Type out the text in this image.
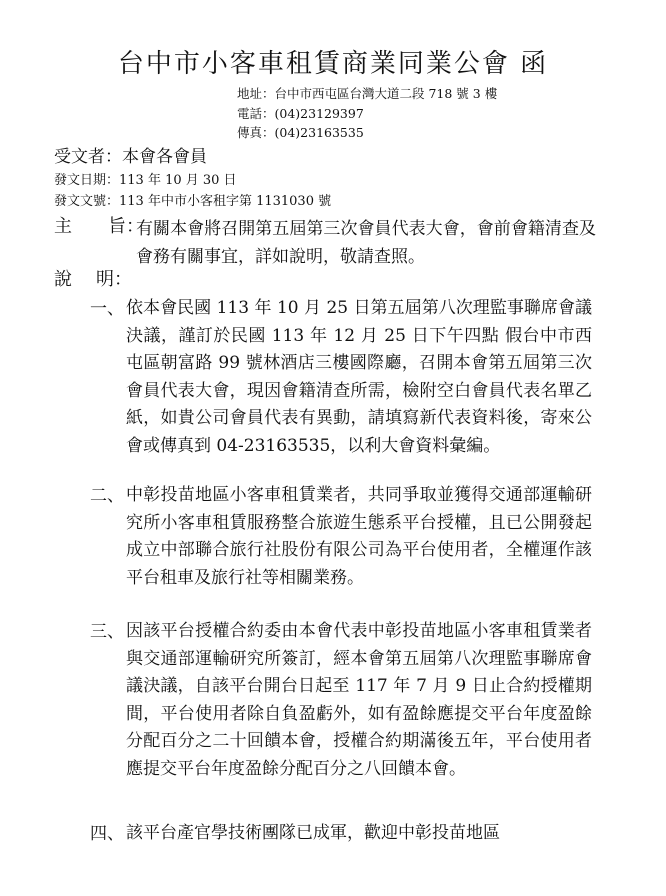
台中市小客車租賃商業同業公會 函
地址：台中市西屯區台灣大道二段 718 號 3 樓
電話：(04)23129397
傳真：(04)23163535
受文者：本會各會員
發文日期：113 年 10 月 30 日
發文文號：113 年中市小客租字第 1131030 號
主 旨：
有關本會將召開第五屆第三次會員代表大會，會前會籍清查及會務有關事宜，詳如說明，敬請查照。
說 明：
一、 依本會民國 113 年 10 月 25 日第五屆第八次理監事聯席會議決議，謹訂於民國 113 年 12 月 25 日下午四點 假台中市西屯區朝富路 99 號林酒店三樓國際廳，召開本會第五屆第三次會員代表大會，現因會籍清查所需，檢附空白會員代表名單乙紙，如貴公司會員代表有異動，請填寫新代表資料後，寄來公會或傳真到 04-23163535，以利大會資料彙編。
二、 中彰投苗地區小客車租賃業者，共同爭取並獲得交通部運輸研究所小客車租賃服務整合旅遊生態系平台授權，且已公開發起成立中部聯合旅行社股份有限公司為平台使用者，全權運作該平台租車及旅行社等相關業務。
三、 因該平台授權合約委由本會代表中彰投苗地區小客車租賃業者與交通部運輸研究所簽訂，經本會第五屆第八次理監事聯席會議決議，自該平台開台日起至 117 年 7 月 9 日止合約授權期間，平台使用者除自負盈虧外，如有盈餘應提交平台年度盈餘分配百分之二十回饋本會，授權合約期滿後五年，平台使用者應提交平台年度盈餘分配百分之八回饋本會。
四、 該平台產官學技術團隊已成軍，歡迎中彰投苗地區
